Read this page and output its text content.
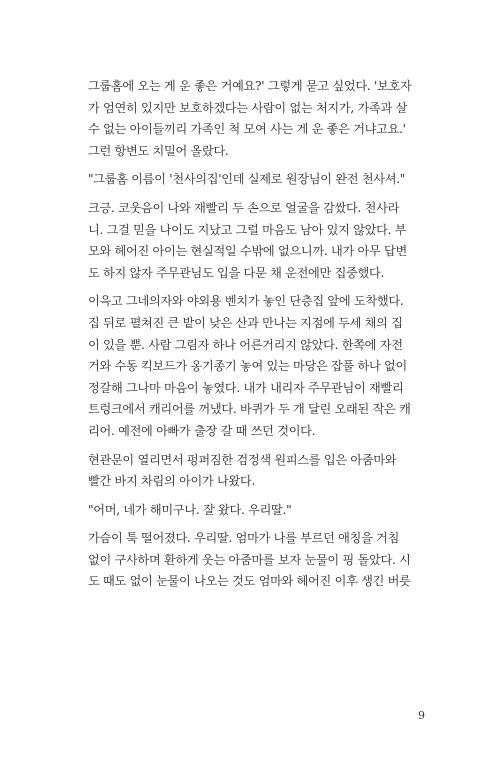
그룹홈에 오는 게 운 좋은 거예요?' 그렇게 묻고 싶었다. '보호자
가 엄연히 있지만 보호하겠다는 사람이 없는 처지가, 가족과 살
수 없는 아이들끼리 가족인 척 모여 사는 게 운 좋은 거냐고요.'
그런 항변도 치밀어 올랐다.
"그룹홈 이름이 '천사의집'인데 실제로 원장님이 완전 천사셔."
크긍. 코웃음이 나와 재빨리 두 손으로 얼굴을 감쌌다. 천사라
니. 그걸 믿을 나이도 지났고 그럴 마음도 남아 있지 않았다. 부
모와 헤어진 아이는 현실적일 수밖에 없으니까. 내가 아무 답변
도 하지 않자 주무관님도 입을 다문 채 운전에만 집중했다.
이윽고 그네의자와 야외용 벤치가 놓인 단층집 앞에 도착했다.
집 뒤로 펼쳐진 큰 밭이 낮은 산과 만나는 지점에 두세 채의 집
이 있을 뿐. 사람 그림자 하나 어른거리지 않았다. 한쪽에 자전
거와 수동 킥보드가 옹기종기 놓여 있는 마당은 잡풀 하나 없이
정갈해 그나마 마음이 놓였다. 내가 내리자 주무관님이 재빨리
트렁크에서 캐리어를 꺼냈다. 바퀴가 두 개 달린 오래된 작은 캐
리어. 예전에 아빠가 출장 갈 때 쓰던 것이다.
현관문이 열리면서 펑퍼짐한 검정색 원피스를 입은 아줌마와
빨간 바지 차림의 아이가 나왔다.
"어머, 네가 해미구나. 잘 왔다. 우리딸."
가슴이 툭 떨어졌다. 우리딸. 엄마가 나를 부르던 애칭을 거침
없이 구사하며 환하게 웃는 아줌마를 보자 눈물이 핑 돌았다. 시
도 때도 없이 눈물이 나오는 것도 엄마와 헤어진 이후 생긴 버릇
9
